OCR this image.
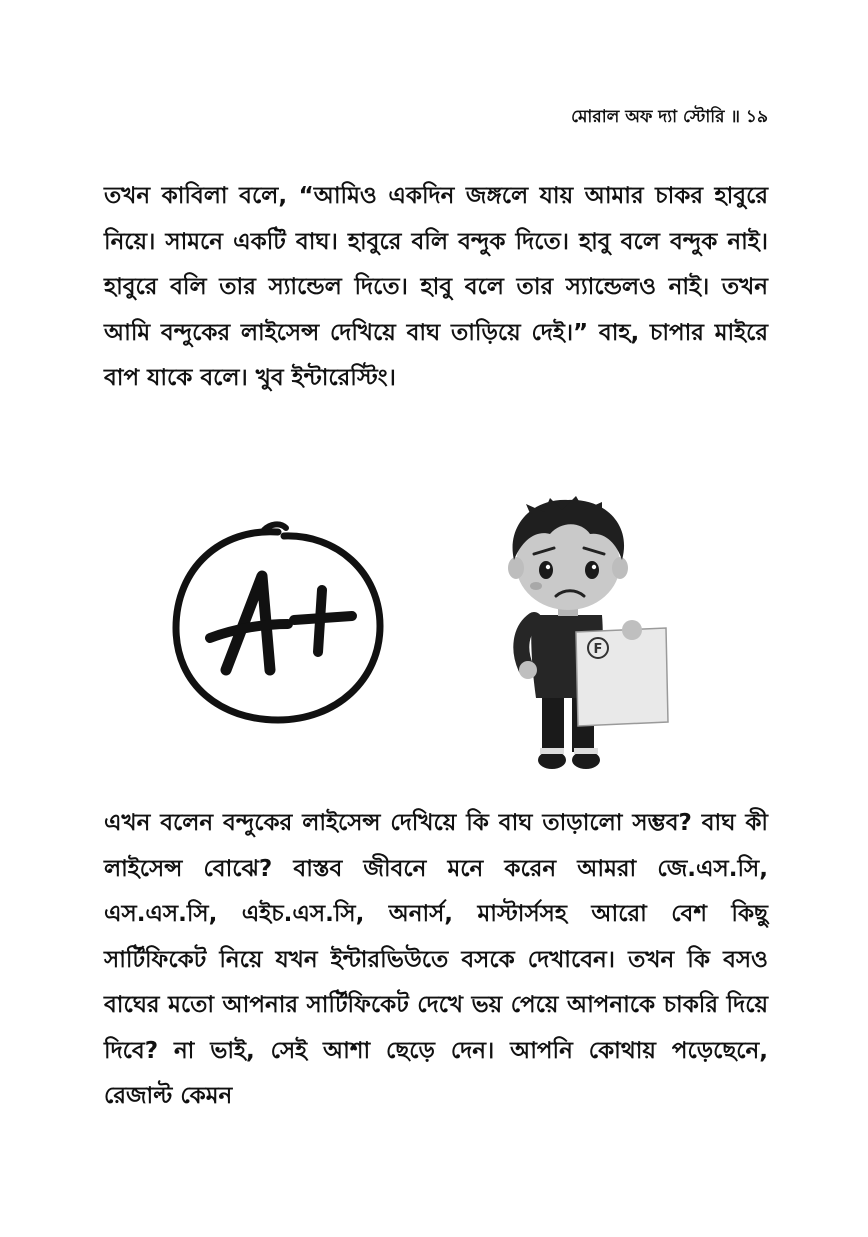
মোরাল অফ দ্যা স্টোরি ॥ ১৯

তখন কাবিলা বলে, “আমিও একদিন জঙ্গলে যায় আমার চাকর হাবুরে নিয়ে। সামনে একটি বাঘ। হাবুরে বলি বন্দুক দিতে। হাবু বলে বন্দুক নাই। হাবুরে বলি তার স্যান্ডেল দিতে। হাবু বলে তার স্যান্ডেলও নাই। তখন আমি বন্দুকের লাইসেন্স দেখিয়ে বাঘ তাড়িয়ে দেই।” বাহ, চাপার মাইরে বাপ যাকে বলে। খুব ইন্টারেস্টিং।

F

এখন বলেন বন্দুকের লাইসেন্স দেখিয়ে কি বাঘ তাড়ালো সম্ভব? বাঘ কী লাইসেন্স বোঝে? বাস্তব জীবনে মনে করেন আমরা জে.এস.সি, এস.এস.সি, এইচ.এস.সি, অনার্স, মাস্টার্সসহ আরো বেশ কিছু সার্টিফিকেট নিয়ে যখন ইন্টারভিউতে বসকে দেখাবেন। তখন কি বসও বাঘের মতো আপনার সার্টিফিকেট দেখে ভয় পেয়ে আপনাকে চাকরি দিয়ে দিবে? না ভাই, সেই আশা ছেড়ে দেন। আপনি কোথায় পড়েছেনে, রেজাল্ট কেমন
